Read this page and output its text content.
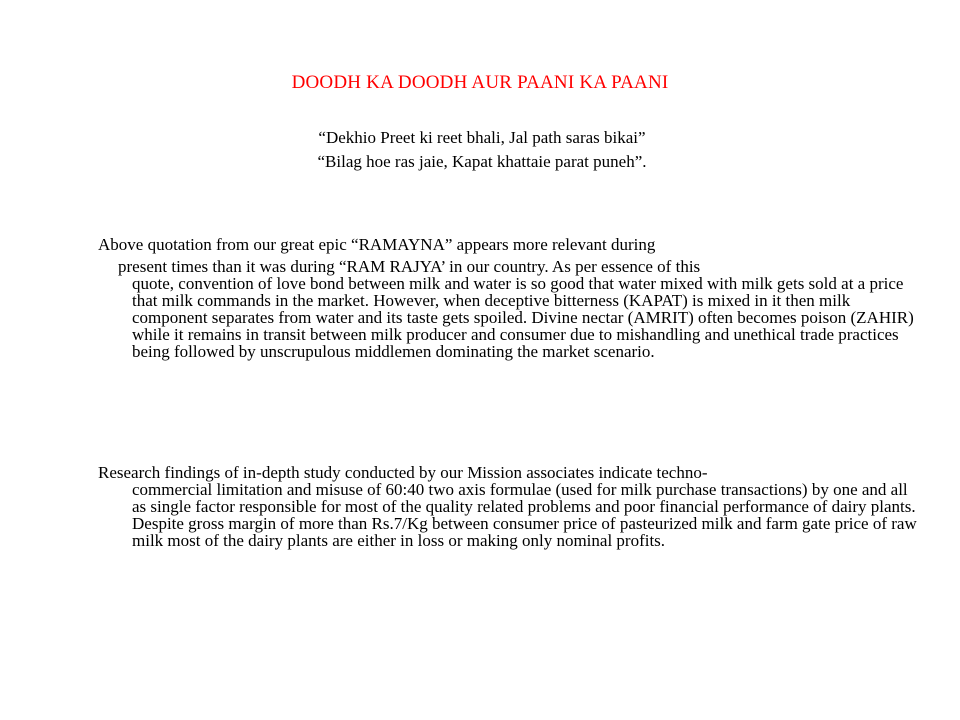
DOODH KA DOODH AUR PAANI KA PAANI
“Dekhio Preet ki reet bhali, Jal path saras bikai”
“Bilag hoe ras jaie, Kapat khattaie parat puneh”.
Above quotation from our great epic “RAMAYNA” appears more relevant during
present times than it was during “RAM RAJYA’ in our country. As per essence of this
quote, convention of love bond between milk and water is so good that water mixed with milk gets sold at a price that milk commands in the market. However, when deceptive bitterness (KAPAT) is mixed in it then milk component separates from water and its taste gets spoiled. Divine nectar (AMRIT) often becomes poison (ZAHIR) while it remains in transit between milk producer and consumer due to mishandling and unethical trade practices being followed by unscrupulous middlemen dominating the market scenario.
Research findings of in-depth study conducted by our Mission associates indicate techno-
commercial limitation and misuse of 60:40 two axis formulae (used for milk purchase transactions) by one and all as single factor responsible for most of the quality related problems and poor financial performance of dairy plants. Despite gross margin of more than Rs.7/Kg between consumer price of pasteurized milk and farm gate price of raw milk most of the dairy plants are either in loss or making only nominal profits.
